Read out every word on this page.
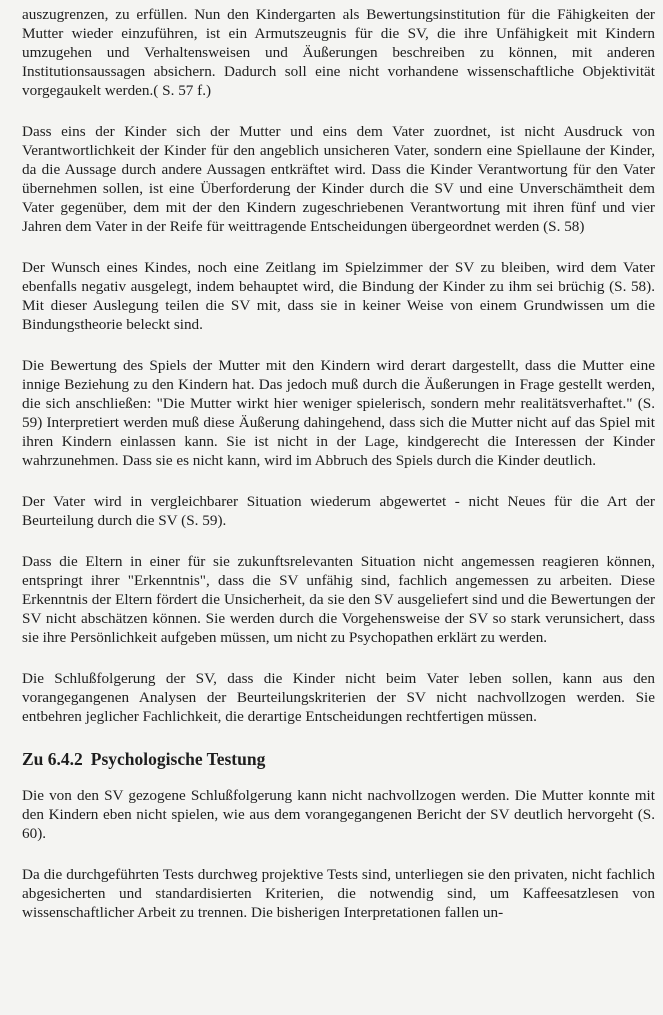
auszugrenzen, zu erfüllen. Nun den Kindergarten als Bewertungsinstitution für die Fähigkeiten der Mutter wieder einzuführen, ist ein Armutszeugnis für die SV, die ihre Unfähigkeit mit Kindern umzugehen und Verhaltensweisen und Äußerungen beschreiben zu können, mit anderen Institutionsaussagen absichern. Dadurch soll eine nicht vorhandene wissenschaftliche Objektivität vorgegaukelt werden.( S. 57 f.)

Dass eins der Kinder sich der Mutter und eins dem Vater zuordnet, ist nicht Ausdruck von Verantwortlichkeit der Kinder für den angeblich unsicheren Vater, sondern eine Spiellaune der Kinder, da die Aussage durch andere Aussagen entkräftet wird. Dass die Kinder Verantwortung für den Vater übernehmen sollen, ist eine Überforderung der Kinder durch die SV und eine Unverschämtheit dem Vater gegenüber, dem mit der den Kindern zugeschriebenen Verantwortung mit ihren fünf und vier Jahren dem Vater in der Reife für weittragende Entscheidungen übergeordnet werden (S. 58)

Der Wunsch eines Kindes, noch eine Zeitlang im Spielzimmer der SV zu bleiben, wird dem Vater ebenfalls negativ ausgelegt, indem behauptet wird, die Bindung der Kinder zu ihm sei brüchig (S. 58). Mit dieser Auslegung teilen die SV mit, dass sie in keiner Weise von einem Grundwissen um die Bindungstheorie beleckt sind.

Die Bewertung des Spiels der Mutter mit den Kindern wird derart dargestellt, dass die Mutter eine innige Beziehung zu den Kindern hat. Das jedoch muß durch die Äußerungen in Frage gestellt werden, die sich anschließen: "Die Mutter wirkt hier weniger spielerisch, sondern mehr realitätsverhaftet." (S. 59) Interpretiert werden muß diese Äußerung dahingehend, dass sich die Mutter nicht auf das Spiel mit ihren Kindern einlassen kann. Sie ist nicht in der Lage, kindgerecht die Interessen der Kinder wahrzunehmen. Dass sie es nicht kann, wird im Abbruch des Spiels durch die Kinder deutlich.

Der Vater wird in vergleichbarer Situation wiederum abgewertet - nicht Neues für die Art der Beurteilung durch die SV (S. 59).

Dass die Eltern in einer für sie zukunftsrelevanten Situation nicht angemessen reagieren können, entspringt ihrer "Erkenntnis", dass die SV unfähig sind, fachlich angemessen zu arbeiten. Diese Erkenntnis der Eltern fördert die Unsicherheit, da sie den SV ausgeliefert sind und die Bewertungen der SV nicht abschätzen können. Sie werden durch die Vorgehensweise der SV so stark verunsichert, dass sie ihre Persönlichkeit aufgeben müssen, um nicht zu Psychopathen erklärt zu werden.

Die Schlußfolgerung der SV, dass die Kinder nicht beim Vater leben sollen, kann aus den vorangegangenen Analysen der Beurteilungskriterien der SV nicht nachvollzogen werden. Sie entbehren jeglicher Fachlichkeit, die derartige Entscheidungen rechtfertigen müssen.

Zu 6.4.2 Psychologische Testung

Die von den SV gezogene Schlußfolgerung kann nicht nachvollzogen werden. Die Mutter konnte mit den Kindern eben nicht spielen, wie aus dem vorangegangenen Bericht der SV deutlich hervorgeht (S. 60).

Da die durchgeführten Tests durchweg projektive Tests sind, unterliegen sie den privaten, nicht fachlich abgesicherten und standardisierten Kriterien, die notwendig sind, um Kaffeesatzlesen von wissenschaftlicher Arbeit zu trennen. Die bisherigen Interpretationen fallen un-
